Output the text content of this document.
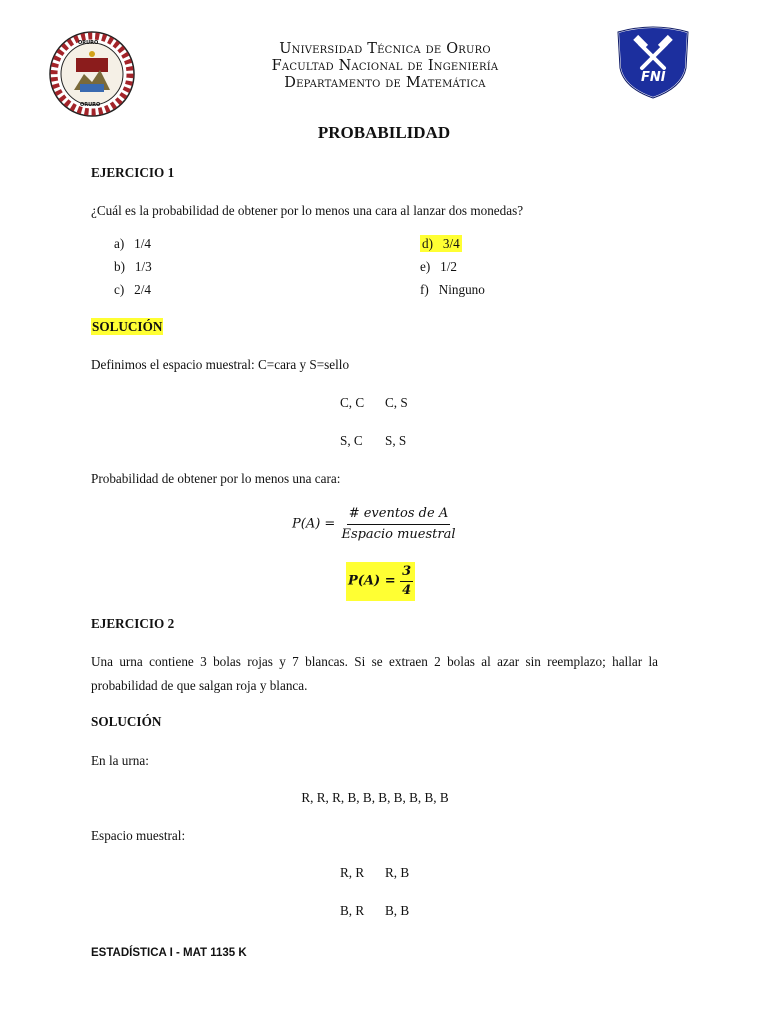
ORURO
ORURO
FNI
Universidad Técnica de Oruro
Facultad Nacional de Ingeniería
Departamento de Matemática
PROBABILIDAD
EJERCICIO 1
¿Cuál es la probabilidad de obtener por lo menos una cara al lanzar dos monedas?
a) 1/4
b) 1/3
c) 2/4
d) 3/4
e) 1/2
f) Ninguno
SOLUCIÓN
Definimos el espacio muestral: C=cara y S=sello
C, C C, S
S, C S, S
Probabilidad de obtener por lo menos una cara:
$P(A) = \frac{\text{\# eventos de A}}{\text{Espacio muestral}}$
$P(A) = \frac{3}{4}$
EJERCICIO 2
Una urna contiene 3 bolas rojas y 7 blancas. Si se extraen 2 bolas al azar sin reemplazo; hallar la
probabilidad de que salgan roja y blanca.
SOLUCIÓN
En la urna:
R, R, R, B, B, B, B, B, B, B
Espacio muestral:
R, R R, B
B, R B, B
ESTADÍSTICA I - MAT 1135 K
